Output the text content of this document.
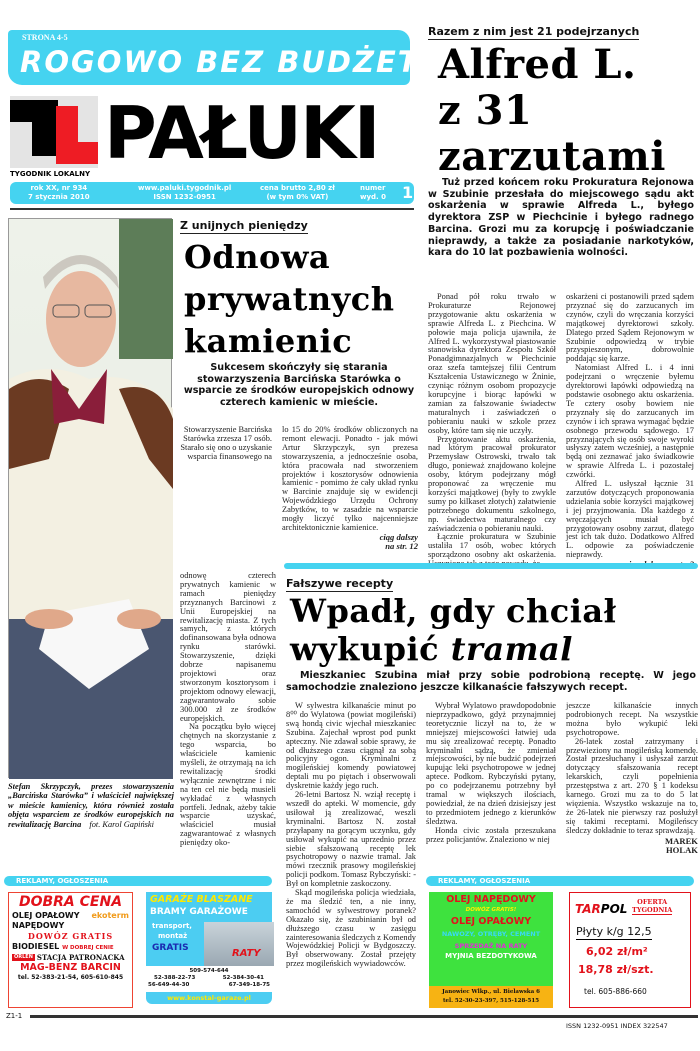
STRONA 4-5
ROGOWO BEZ BUDŻETU
TYGODNIK LOKALNY PAŁUKI
rok XX, nr 934
7 stycznia 2010
www.paluki.tygodnik.pl
ISSN 1232-0951
cena brutto 2,80 zł
(w tym 0% VAT)
numer
wyd. 0 1
Razem z nim jest 21 podejrzanych
Alfred L.
z 31
zarzutami
Tuż przed końcem roku Prokuratura Rejonowa w Szubinie przesłała do miejscowego sądu akt oskarżenia w sprawie Alfreda L., byłego dyrektora ZSP w Piechcinie i byłego radnego Barcina. Grozi mu za korupcję i poświadczanie nieprawdy, a także za posiadanie narkotyków, kara do 10 lat pozbawienia wolności.

Ponad pół roku trwało w Prokuraturze Rejonowej przygotowanie aktu oskarżenia w sprawie Alfreda L. z Piechcina. W połowie maja policja ujawniła, że Alfred L. wykorzystywał piastowanie stanowiska dyrektora Zespołu Szkół Ponadgimnazjalnych w Piechcinie oraz szefa tamtejszej filii Centrum Kształcenia Ustawicznego w Żninie, czyniąc różnym osobom propozycje korupcyjne i biorąc łapówki w zamian za fałszowanie świadectw maturalnych i zaświadczeń o pobieraniu nauki w szkole przez osoby, które tam się nie uczyły.

Przygotowanie aktu oskarżenia, nad którym pracował prokurator Przemysław Ostrowski, trwało tak długo, ponieważ znajdowano kolejne osoby, którym podejrzany mógł proponować za wręczenie mu korzyści majątkowej (były to zwykle sumy po kilkaset złotych) załatwienie potrzebnego dokumentu szkolnego, np. świadectwa maturalnego czy zaświadczenia o pobieraniu nauki.

Łącznie prokuratura w Szubinie ustaliła 17 osób, wobec których sporządzono osobny akt oskarżenia.

oskarżeni ci postanowili przed sądem przyznać się do zarzucanych im czynów, czyli do wręczania korzyści majątkowej dyrektorowi szkoły. Dlatego przed Sądem Rejonowym w Szubinie odpowiedzą w trybie przyspieszonym, dobrowolnie poddając się karze.

Natomiast Alfred L. i 4 inni podejrzani o wręczenie byłemu dyrektorowi łapówki odpowiedzą na podstawie osobnego aktu oskarżenia. Te cztery osoby bowiem nie przyznały się do zarzucanych im czynów i ich sprawa wymagać będzie osobnego przewodu sądowego. 17 przyznających się osób swoje wyroki usłyszy zatem wcześniej, a następnie będą oni zeznawać jako świadkowie w sprawie Alfreda L. i pozostałej czwórki.

Alfred L. usłyszał łącznie 31 zarzutów dotyczących proponowania udzielania sobie korzyści majątkowej i jej przyjmowania. Dla każdego z wręczających musiał być przygotowany osobny zarzut, dlatego jest ich tak dużo. Dodatkowo Alfred L. odpowie za poświadczenie nieprawdy.

Z unijnych pieniędzy
Odnowa
prywatnych
kamienic
Sukcesem skończyły się starania stowarzyszenia Barcińska Starówka o wsparcie ze środków europejskich odnowy czterech kamienic w mieście.
Stowarzyszenie Barcińska Starówka zrzesza 17 osób. Starało się ono o uzyskanie wsparcia finansowego na
lo 15 do 20% środków obliczonych na remont elewacji. Ponadto - jak mówi Artur Skrzypczyk, syn prezesa stowarzyszenia, a jednocześnie osoba, która pracowała nad stworzeniem projektów i kosztorysów odnowienia kamienic - pomimo że cały układ rynku w Barcinie znajduje się w ewidencji Wojewódzkiego Urzędu Ochrony Zabytków, to w zasadzie na wsparcie mogły liczyć tylko najcenniejsze architektonicznie kamienice.
ciąg dalszy
na str. 12

odnowę czterech prywatnych kamienic w ramach pieniędzy przyznanych Barcinowi z Unii Europejskiej na rewitalizację miasta. Z tych samych, z których dofinansowana była odnowa rynku starówki. Stowarzyszenie, dzięki dobrze napisanemu projektowi oraz stworzonym kosztorysom i projektom odnowy elewacji, zagwarantowało sobie 300.000 zł ze środków europejskich.

Na początku było więcej chętnych na skorzystanie z tego wsparcia, bo właściciele kamienic myśleli, że otrzymają na ich rewitalizację środki wyłącznie zewnętrzne i nic na ten cel nie będą musieli wykładać z własnych portfeli. Jednak, ażeby takie wsparcie uzyskać, właściciel musiał zagwarantować z własnych pieniędzy oko-

Stefan Skrzypczyk, prezes stowarzyszenia „Barcińska Starówka” i właściciel największej w mieście kamienicy, która również została objęta wsparciem ze środków europejskich na rewitalizację Barcina fot. Karol Gapiński
Fałszywe recepty
Wpadł, gdy chciał
wykupić tramal
Mieszkaniec Szubina miał przy sobie podrobioną receptę. W jego samochodzie znaleziono jeszcze kilkanaście fałszywych recept.

W sylwestra kilkanaście minut po 8⁰⁰ do Wylatowa (powiat mogileński) swą hondą civic wjechał mieszkaniec Szubina. Zajechał wprost pod punkt apteczny. Nie zdawał sobie sprawy, że od dłuższego czasu ciągnął za sobą policyjny ogon. Kryminalni z mogileńskiej komendy powiatowej deptali mu po piętach i obserwowali dyskretnie każdy jego ruch.

26-letni Bartosz N. wziął receptę i wszedł do apteki. W momencie, gdy usiłował ją zrealizować, weszli kryminalni. Bartosz N. został przyłapany na gorącym uczynku, gdy usiłował wykupić na uprzednio przez siebie sfałszowaną receptę lek psychotropowy o nazwie tramal. Jak mówi rzecznik prasowy mogileńskiej policji podkom. Tomasz Rybczyński: - Był on kompletnie zaskoczony.

Skąd mogileńska policja wiedziała, że ma śledzić ten, a nie inny, samochód w sylwestrowy poranek? Okazało się, że szubinianin był od dłuższego czasu w zasięgu zainteresowania śledczych z Komendy Wojewódzkiej Policji w Bydgoszczy. Był obserwowany. Został przejęty przez mogileńskich wywiadowców.

Wybrał Wylatowo prawdopodobnie nieprzypadkowo, gdyż przynajmniej teoretycznie liczył na to, że w mniejszej miejscowości łatwiej uda mu się zrealizować receptę. Ponadto kryminalni sądzą, że zmieniał miejscowości, by nie budzić podejrzeń kupując leki psychotropowe w jednej aptece. Podkom. Rybczyński pytany, po co podejrzanemu potrzebny był tramal w większych ilościach, powiedział, że na dzień dzisiejszy jest to przedmiotem jednego z kierunków śledztwa.

Honda civic została przeszukana przez policjantów. Znaleziono w niej

jeszcze kilkanaście innych podrobionych recept. Na wszystkie można było wykupić leki psychotropowe.

26-latek został zatrzymany i przewieziony na mogileńską komendę. Został przesłuchany i usłyszał zarzut dotyczący sfałszowania recept lekarskich, czyli popełnienia przestępstwa z art. 270 § 1 kodeksu karnego. Grozi mu za to do 5 lat więzienia. Wszystko wskazuje na to, że 26-latek nie pierwszy raz posłużył się takimi receptami. Mogileńscy śledczy dokładnie to teraz sprawdzają.

MAREK
HOLAK
REKLAMY, OGŁOSZENIA	REKLAMY, OGŁOSZENIA
DOBRA CENA
OLEJ OPAŁOWY ekoterm
NAPĘDOWY
DOWÓZ GRATIS
BIODIESEL W DOBREJ CENIE
ORLEN STACJA PATRONACKA
MAG-BENZ BARCIN
tel. 52-383-21-54, 605-610-845
GARAŻE BLASZANE
BRAMY GARAŻOWE
transport,
montaż
GRATIS	RATY
509-574-644
52-388-22-73	52-384-30-41
56-649-44-30	67-349-18-75
www.konstal-garaze.pl
OLEJ NAPĘDOWY
DOWÓZ GRATIS!
OLEJ OPAŁOWY
NAWOZY, OTRĘBY, CEMENT
SPRZEDAŻ NA RATY
MYJNIA BEZDOTYKOWA
Janowiec Wlkp., ul. Bielawska 6
tel. 52-30-23-397, 515-128-515
TARPOL	OFERTA
TYGODNIA
Płyty k/g 12,5
6,02 zł/m²
18,78 zł/szt.
tel. 605-886-660
Z1-1
ISSN 1232-0951 INDEX 322547
